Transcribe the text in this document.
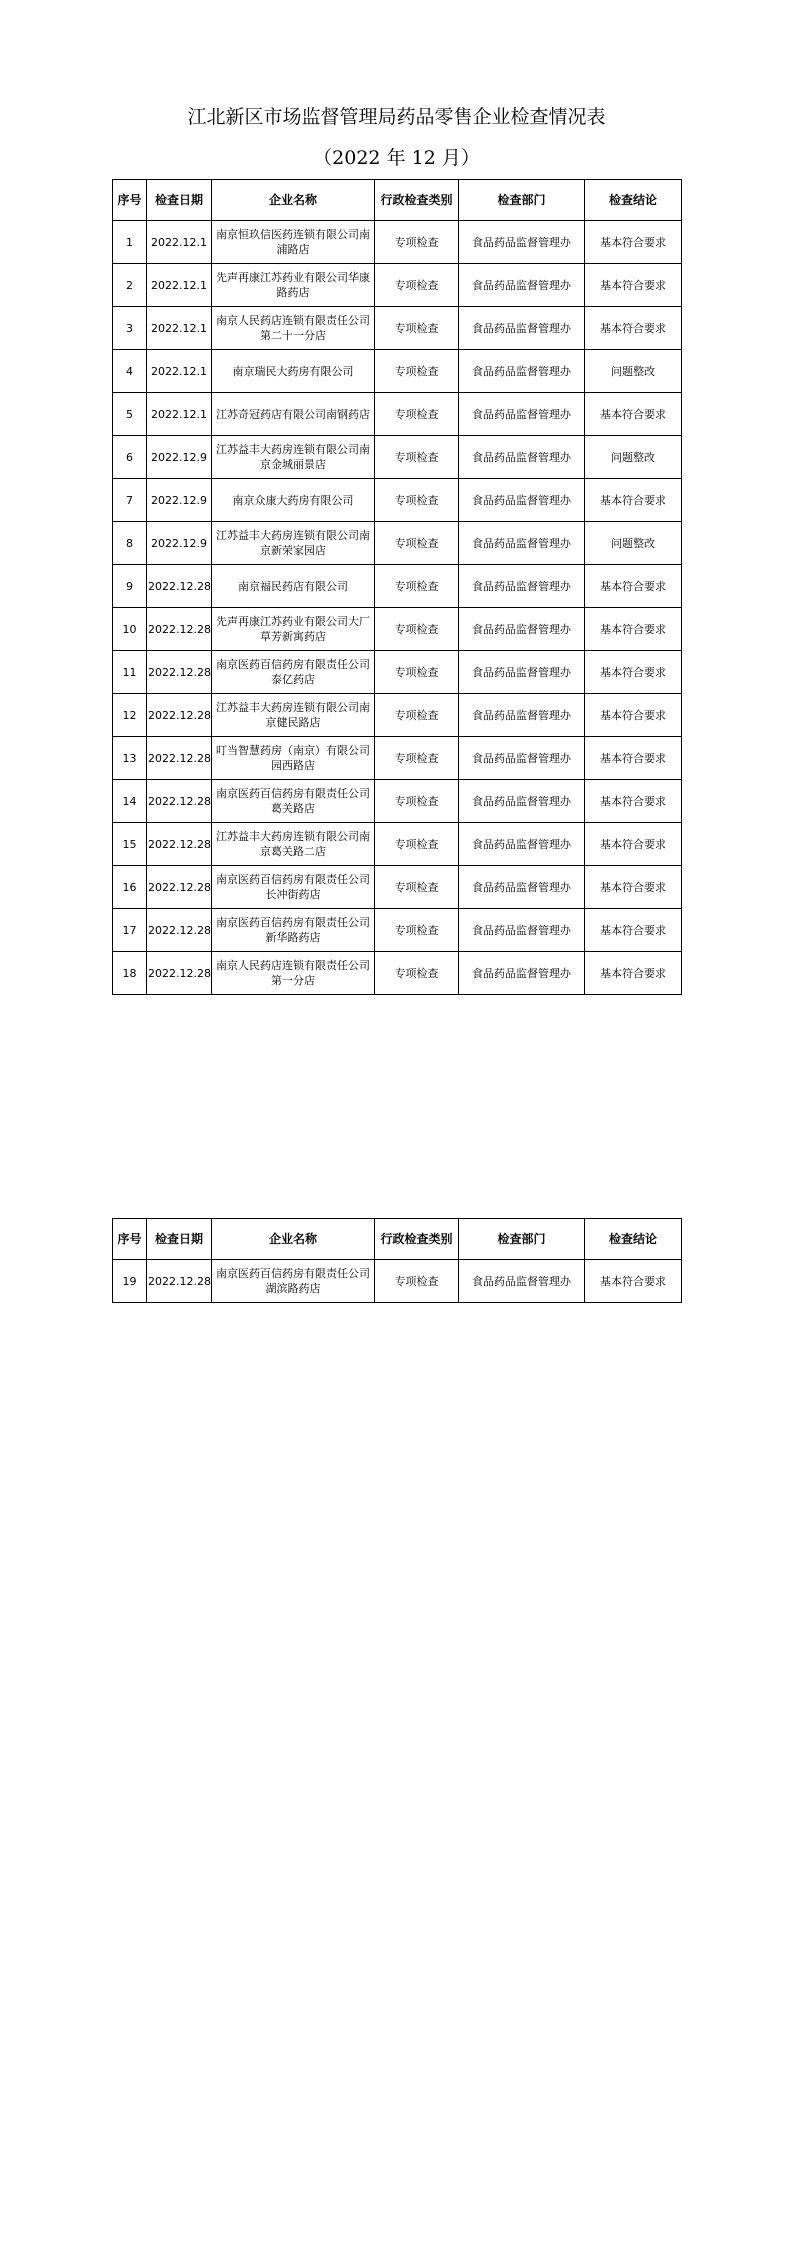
江北新区市场监督管理局药品零售企业检查情况表
（2022 年 12 月）
序号	检查日期	企业名称	行政检查类别	检查部门	检查结论
1	2022.12.1	南京恒玖信医药连锁有限公司南浦路店	专项检查	食品药品监督管理办	基本符合要求
2	2022.12.1	先声再康江苏药业有限公司华康路药店	专项检查	食品药品监督管理办	基本符合要求
3	2022.12.1	南京人民药店连锁有限责任公司第二十一分店	专项检查	食品药品监督管理办	基本符合要求
4	2022.12.1	南京瑞民大药房有限公司	专项检查	食品药品监督管理办	问题整改
5	2022.12.1	江苏奇冠药店有限公司南钢药店	专项检查	食品药品监督管理办	基本符合要求
6	2022.12.9	江苏益丰大药房连锁有限公司南京金城丽景店	专项检查	食品药品监督管理办	问题整改
7	2022.12.9	南京众康大药房有限公司	专项检查	食品药品监督管理办	基本符合要求
8	2022.12.9	江苏益丰大药房连锁有限公司南京新荣家园店	专项检查	食品药品监督管理办	问题整改
9	2022.12.28	南京福民药店有限公司	专项检查	食品药品监督管理办	基本符合要求
10	2022.12.28	先声再康江苏药业有限公司大厂草芳新寓药店	专项检查	食品药品监督管理办	基本符合要求
11	2022.12.28	南京医药百信药房有限责任公司泰亿药店	专项检查	食品药品监督管理办	基本符合要求
12	2022.12.28	江苏益丰大药房连锁有限公司南京健民路店	专项检查	食品药品监督管理办	基本符合要求
13	2022.12.28	叮当智慧药房（南京）有限公司园西路店	专项检查	食品药品监督管理办	基本符合要求
14	2022.12.28	南京医药百信药房有限责任公司葛关路店	专项检查	食品药品监督管理办	基本符合要求
15	2022.12.28	江苏益丰大药房连锁有限公司南京葛关路二店	专项检查	食品药品监督管理办	基本符合要求
16	2022.12.28	南京医药百信药房有限责任公司长冲街药店	专项检查	食品药品监督管理办	基本符合要求
17	2022.12.28	南京医药百信药房有限责任公司新华路药店	专项检查	食品药品监督管理办	基本符合要求
18	2022.12.28	南京人民药店连锁有限责任公司第一分店	专项检查	食品药品监督管理办	基本符合要求
序号	检查日期	企业名称	行政检查类别	检查部门	检查结论
19	2022.12.28	南京医药百信药房有限责任公司湖滨路药店	专项检查	食品药品监督管理办	基本符合要求
